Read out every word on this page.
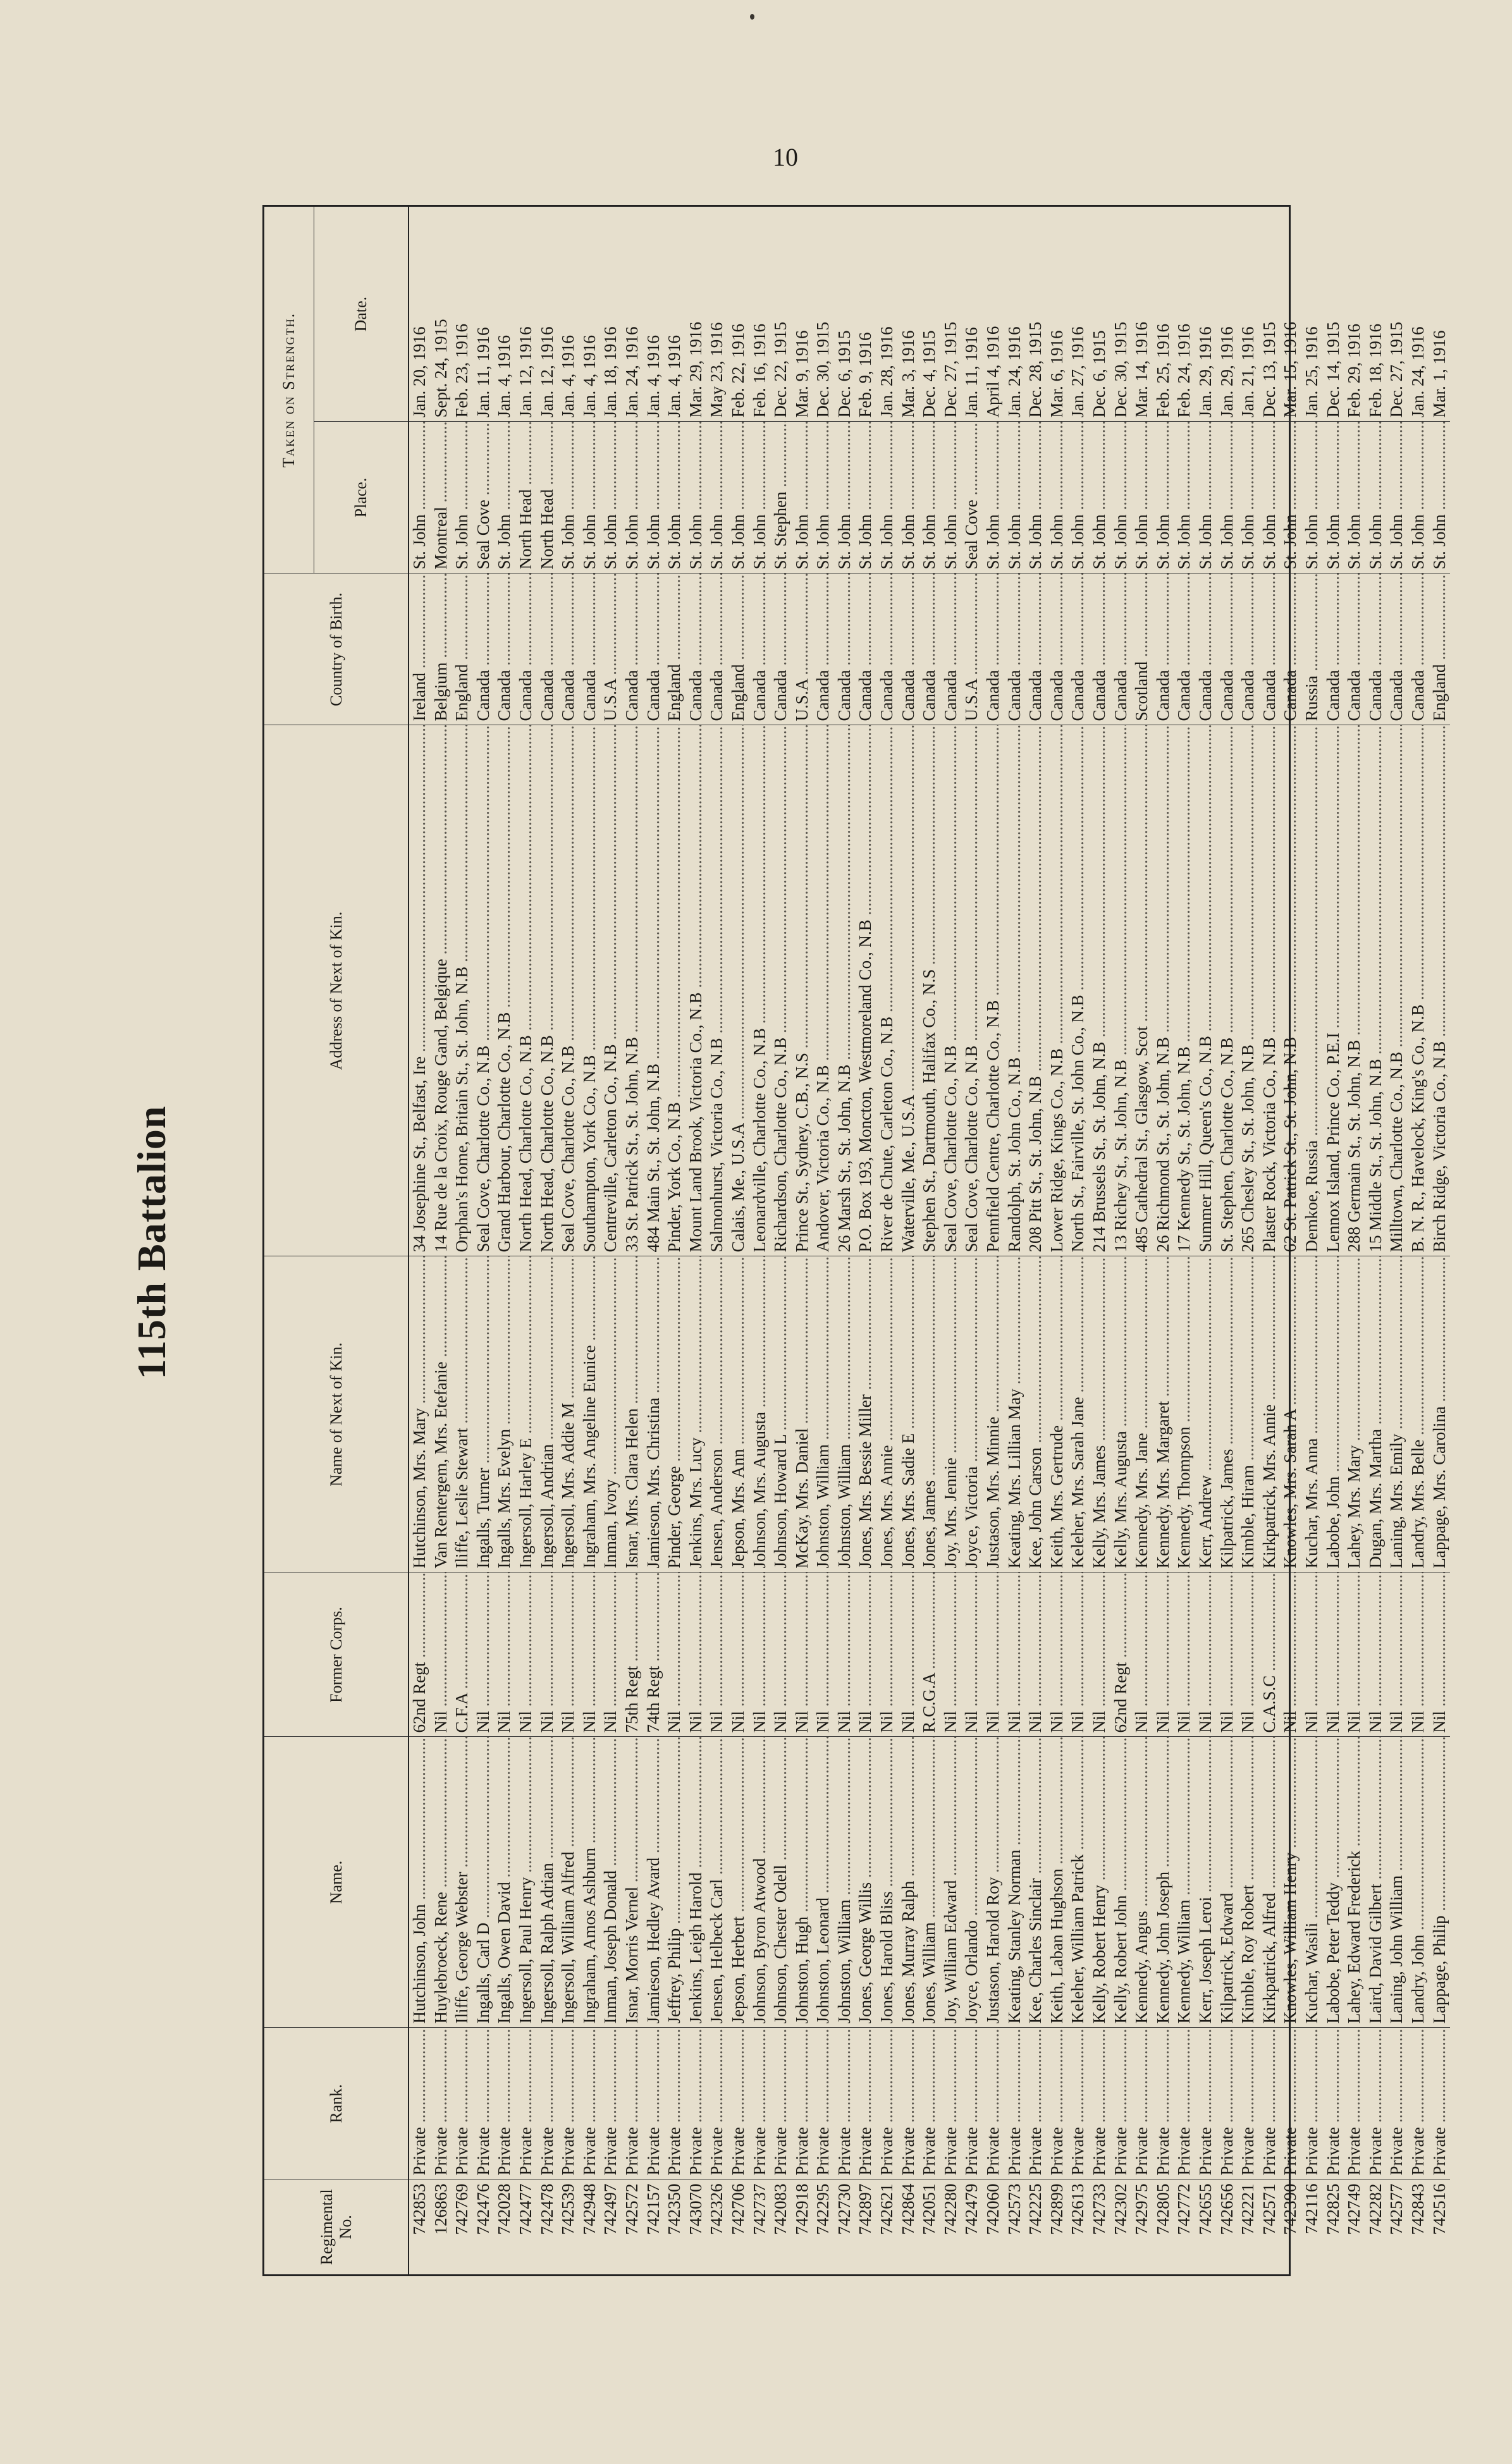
10
115th Battalion
Regimental No.	Rank.	Name.	Former Corps.	Name of Next of Kin.	Address of Next of Kin.	Country of Birth.	Taken on Strength.	
							Place.	Date.
742853	Private .....	Hutchinson, John .....	62nd Regt .....	Hutchinson, Mrs. Mary .....	34 Josephine St., Belfast, Ire .....	Ireland .....	St. John .....	Jan. 20, 1916
126863	Private .....	Huylebroeck, Rene .....	Nil .....	Van Rentergem, Mrs. Etefanie .....	14 Rue de la Croix, Rouge Gand, Belgique .....	Belgium .....	Montreal .....	Sept. 24, 1915
742769	Private .....	Iliffe, George Webster .....	C.F.A .....	Iliffe, Leslie Stewart .....	Orphan's Home, Britain St., St. John, N.B .....	England .....	St. John .....	Feb. 23, 1916
742476	Private .....	Ingalls, Carl D .....	Nil .....	Ingalls, Turner .....	Seal Cove, Charlotte Co., N.B .....	Canada .....	Seal Cove .....	Jan. 11, 1916
742028	Private .....	Ingalls, Owen David .....	Nil .....	Ingalls, Mrs. Evelyn .....	Grand Harbour, Charlotte Co., N.B .....	Canada .....	St. John .....	Jan. 4, 1916
742477	Private .....	Ingersoll, Paul Henry .....	Nil .....	Ingersoll, Harley E .....	North Head, Charlotte Co., N.B .....	Canada .....	North Head .....	Jan. 12, 1916
742478	Private .....	Ingersoll, Ralph Adrian .....	Nil .....	Ingersoll, Andrian .....	North Head, Charlotte Co., N.B .....	Canada .....	North Head .....	Jan. 12, 1916
742539	Private .....	Ingersoll, William Alfred .....	Nil .....	Ingersoll, Mrs. Addie M .....	Seal Cove, Charlotte Co., N.B .....	Canada .....	St. John .....	Jan. 4, 1916
742948	Private .....	Ingraham, Amos Ashburn .....	Nil .....	Ingraham, Mrs. Angeline Eunice .....	Southampton, York Co., N.B .....	Canada .....	St. John .....	Jan. 4, 1916
742497	Private .....	Inman, Joseph Donald .....	Nil .....	Inman, Ivory .....	Centreville, Carleton Co., N.B .....	U.S.A .....	St. John .....	Jan. 18, 1916
742572	Private .....	Isnar, Morris Vernel .....	75th Regt .....	Isnar, Mrs. Clara Helen .....	33 St. Patrick St., St. John, N.B .....	Canada .....	St. John .....	Jan. 24, 1916
742157	Private .....	Jamieson, Hedley Avard .....	74th Regt .....	Jamieson, Mrs. Christina .....	484 Main St., St. John, N.B .....	Canada .....	St. John .....	Jan. 4, 1916
742350	Private .....	Jeffrey, Philip .....	Nil .....	Pinder, George .....	Pinder, York Co., N.B .....	England .....	St. John .....	Jan. 4, 1916
743070	Private .....	Jenkins, Leigh Harold .....	Nil .....	Jenkins, Mrs. Lucy .....	Mount Land Brook, Victoria Co., N.B .....	Canada .....	St. John .....	Mar. 29, 1916
742326	Private .....	Jensen, Helbeck Carl .....	Nil .....	Jensen, Anderson .....	Salmonhurst, Victoria Co., N.B .....	Canada .....	St. John .....	May 23, 1916
742706	Private .....	Jepson, Herbert .....	Nil .....	Jepson, Mrs. Ann .....	Calais, Me., U.S.A .....	England .....	St. John .....	Feb. 22, 1916
742737	Private .....	Johnson, Byron Atwood .....	Nil .....	Johnson, Mrs. Augusta .....	Leonardville, Charlotte Co., N.B .....	Canada .....	St. John .....	Feb. 16, 1916
742083	Private .....	Johnson, Chester Odell .....	Nil .....	Johnson, Howard L .....	Richardson, Charlotte Co., N.B .....	Canada .....	St. Stephen .....	Dec. 22, 1915
742918	Private .....	Johnston, Hugh .....	Nil .....	McKay, Mrs. Daniel .....	Prince St., Sydney, C.B., N.S .....	U.S.A .....	St. John .....	Mar. 9, 1916
742295	Private .....	Johnston, Leonard .....	Nil .....	Johnston, William .....	Andover, Victoria Co., N.B .....	Canada .....	St. John .....	Dec. 30, 1915
742730	Private .....	Johnston, William .....	Nil .....	Johnston, William .....	26 Marsh St., St. John, N.B .....	Canada .....	St. John .....	Dec. 6, 1915
742897	Private .....	Jones, George Willis .....	Nil .....	Jones, Mrs. Bessie Miller .....	P.O. Box 193, Moncton, Westmoreland Co., N.B .....	Canada .....	St. John .....	Feb. 9, 1916
742621	Private .....	Jones, Harold Bliss .....	Nil .....	Jones, Mrs. Annie .....	River de Chute, Carleton Co., N.B .....	Canada .....	St. John .....	Jan. 28, 1916
742864	Private .....	Jones, Murray Ralph .....	Nil .....	Jones, Mrs. Sadie E .....	Waterville, Me., U.S.A .....	Canada .....	St. John .....	Mar. 3, 1916
742051	Private .....	Jones, William .....	R.C.G.A .....	Jones, James .....	Stephen St., Dartmouth, Halifax Co., N.S .....	Canada .....	St. John .....	Dec. 4, 1915
742280	Private .....	Joy, William Edward .....	Nil .....	Joy, Mrs. Jennie .....	Seal Cove, Charlotte Co., N.B .....	Canada .....	St. John .....	Dec. 27, 1915
742479	Private .....	Joyce, Orlando .....	Nil .....	Joyce, Victoria .....	Seal Cove, Charlotte Co., N.B .....	U.S.A .....	Seal Cove .....	Jan. 11, 1916
742060	Private .....	Justason, Harold Roy .....	Nil .....	Justason, Mrs. Minnie .....	Pennfield Centre, Charlotte Co., N.B .....	Canada .....	St. John .....	April 4, 1916
742573	Private .....	Keating, Stanley Norman .....	Nil .....	Keating, Mrs. Lillian May .....	Randolph, St. John Co., N.B .....	Canada .....	St. John .....	Jan. 24, 1916
742225	Private .....	Kee, Charles Sinclair .....	Nil .....	Kee, John Carson .....	208 Pitt St., St. John, N.B .....	Canada .....	St. John .....	Dec. 28, 1915
742899	Private .....	Keith, Laban Hughson .....	Nil .....	Keith, Mrs. Gertrude .....	Lower Ridge, Kings Co., N.B .....	Canada .....	St. John .....	Mar. 6, 1916
742613	Private .....	Keleher, William Patrick .....	Nil .....	Keleher, Mrs. Sarah Jane .....	North St., Fairville, St. John Co., N.B .....	Canada .....	St. John .....	Jan. 27, 1916
742733	Private .....	Kelly, Robert Henry .....	Nil .....	Kelly, Mrs. James .....	214 Brussels St., St. John, N.B .....	Canada .....	St. John .....	Dec. 6, 1915
742302	Private .....	Kelly, Robert John .....	62nd Regt .....	Kelly, Mrs. Augusta .....	13 Richey St., St. John, N.B .....	Canada .....	St. John .....	Dec. 30, 1915
742975	Private .....	Kennedy, Angus .....	Nil .....	Kennedy, Mrs. Jane .....	485 Cathedral St., Glasgow, Scot .....	Scotland .....	St. John .....	Mar. 14, 1916
742805	Private .....	Kennedy, John Joseph .....	Nil .....	Kennedy, Mrs. Margaret .....	26 Richmond St., St. John, N.B .....	Canada .....	St. John .....	Feb. 25, 1916
742772	Private .....	Kennedy, William .....	Nil .....	Kennedy, Thompson .....	17 Kennedy St., St. John, N.B .....	Canada .....	St. John .....	Feb. 24, 1916
742655	Private .....	Kerr, Joseph Leroi .....	Nil .....	Kerr, Andrew .....	Summer Hill, Queen's Co., N.B .....	Canada .....	St. John .....	Jan. 29, 1916
742656	Private .....	Kilpatrick, Edward .....	Nil .....	Kilpatrick, James .....	St. Stephen, Charlotte Co., N.B .....	Canada .....	St. John .....	Jan. 29, 1916
742221	Private .....	Kimble, Roy Robert .....	Nil .....	Kimble, Hiram .....	265 Chesley St., St. John, N.B .....	Canada .....	St. John .....	Jan. 21, 1916
742571	Private .....	Kirkpatrick, Alfred .....	C.A.S.C .....	Kirkpatrick, Mrs. Annie .....	Plaster Rock, Victoria Co., N.B .....	Canada .....	St. John .....	Dec. 13, 1915
742390	Private .....	Knowles, William Henry .....	Nil .....	Knowles, Mrs. Sarah A .....	62 St. Patrick St., St. John, N.B .....	Canada .....	St. John .....	Mar. 15, 1916
742116	Private .....	Kuchar, Wasili .....	Nil .....	Kuchar, Mrs. Anna .....	Demkoe, Russia .....	Russia .....	St. John .....	Jan. 25, 1916
742825	Private .....	Labobe, Peter Teddy .....	Nil .....	Labobe, John .....	Lennox Island, Prince Co., P.E.I .....	Canada .....	St. John .....	Dec. 14, 1915
742749	Private .....	Lahey, Edward Frederick .....	Nil .....	Lahey, Mrs. Mary .....	288 Germain St., St. John, N.B .....	Canada .....	St. John .....	Feb. 29, 1916
742282	Private .....	Laird, David Gilbert .....	Nil .....	Dugan, Mrs. Martha .....	15 Middle St., St. John, N.B .....	Canada .....	St. John .....	Feb. 18, 1916
742577	Private .....	Laning, John William .....	Nil .....	Laning, Mrs. Emily .....	Milltown, Charlotte Co., N.B .....	Canada .....	St. John .....	Dec. 27, 1915
742843	Private .....	Landry, John .....	Nil .....	Landry, Mrs. Belle .....	B. N. R., Havelock, King's Co., N.B .....	Canada .....	St. John .....	Jan. 24, 1916
742516	Private .....	Lappage, Philip .....	Nil .....	Lappage, Mrs. Carolina .....	Birch Ridge, Victoria Co., N.B .....	England .....	St. John .....	Mar. 1, 1916
